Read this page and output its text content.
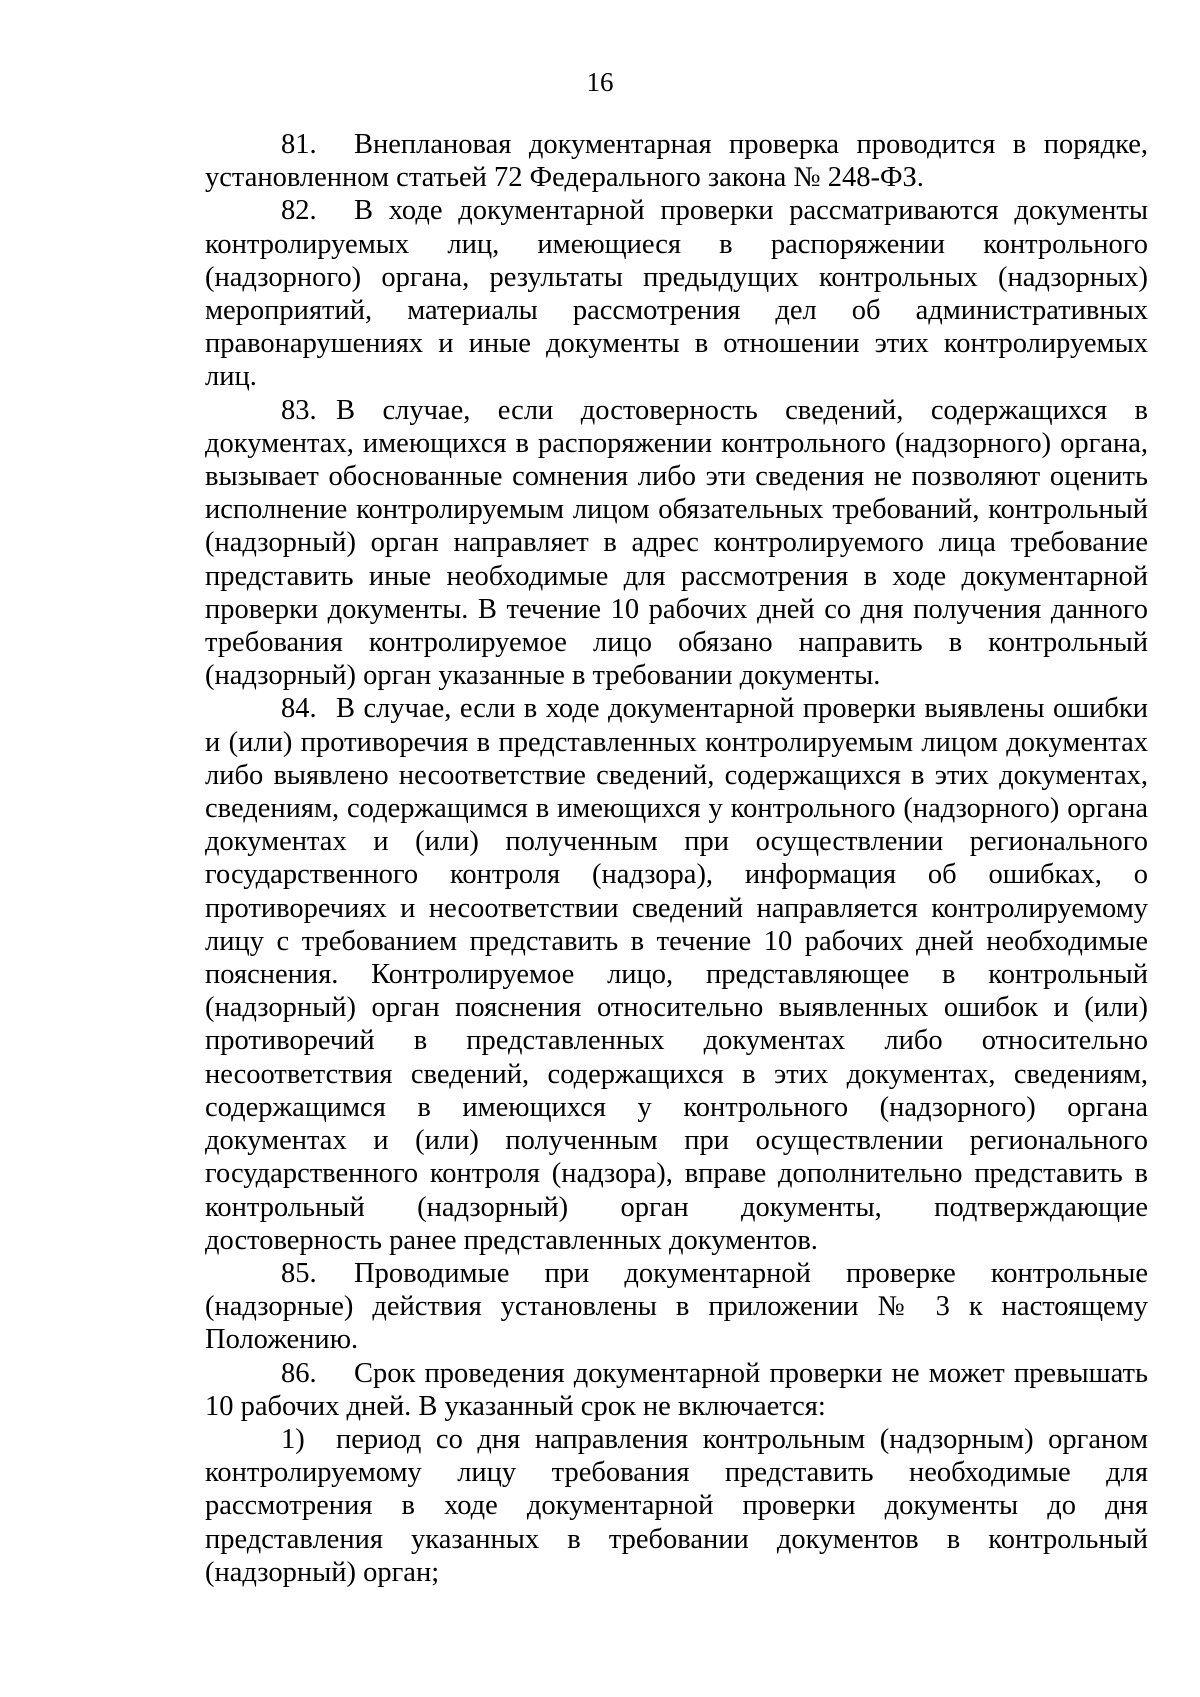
16

81. Внеплановая документарная проверка проводится в порядке, установленном статьей 72 Федерального закона № 248-ФЗ.

82. В ходе документарной проверки рассматриваются документы контролируемых лиц, имеющиеся в распоряжении контрольного (надзорного) органа, результаты предыдущих контрольных (надзорных) мероприятий, материалы рассмотрения дел об административных правонарушениях и иные документы в отношении этих контролируемых лиц.

83. В случае, если достоверность сведений, содержащихся в документах, имеющихся в распоряжении контрольного (надзорного) органа, вызывает обоснованные сомнения либо эти сведения не позволяют оценить исполнение контролируемым лицом обязательных требований, контрольный (надзорный) орган направляет в адрес контролируемого лица требование представить иные необходимые для рассмотрения в ходе документарной проверки документы. В течение 10 рабочих дней со дня получения данного требования контролируемое лицо обязано направить в контрольный (надзорный) орган указанные в требовании документы.

84. В случае, если в ходе документарной проверки выявлены ошибки и (или) противоречия в представленных контролируемым лицом документах либо выявлено несоответствие сведений, содержащихся в этих документах, сведениям, содержащимся в имеющихся у контрольного (надзорного) органа документах и (или) полученным при осуществлении регионального государственного контроля (надзора), информация об ошибках, о противоречиях и несоответствии сведений направляется контролируемому лицу с требованием представить в течение 10 рабочих дней необходимые пояснения. Контролируемое лицо, представляющее в контрольный (надзорный) орган пояснения относительно выявленных ошибок и (или) противоречий в представленных документах либо относительно несоответствия сведений, содержащихся в этих документах, сведениям, содержащимся в имеющихся у контрольного (надзорного) органа документах и (или) полученным при осуществлении регионального государственного контроля (надзора), вправе дополнительно представить в контрольный (надзорный) орган документы, подтверждающие достоверность ранее представленных документов.

85. Проводимые при документарной проверке контрольные (надзорные) действия установлены в приложении № 3 к настоящему Положению.

86. Срок проведения документарной проверки не может превышать 10 рабочих дней. В указанный срок не включается:

1) период со дня направления контрольным (надзорным) органом контролируемому лицу требования представить необходимые для рассмотрения в ходе документарной проверки документы до дня представления указанных в требовании документов в контрольный (надзорный) орган;
